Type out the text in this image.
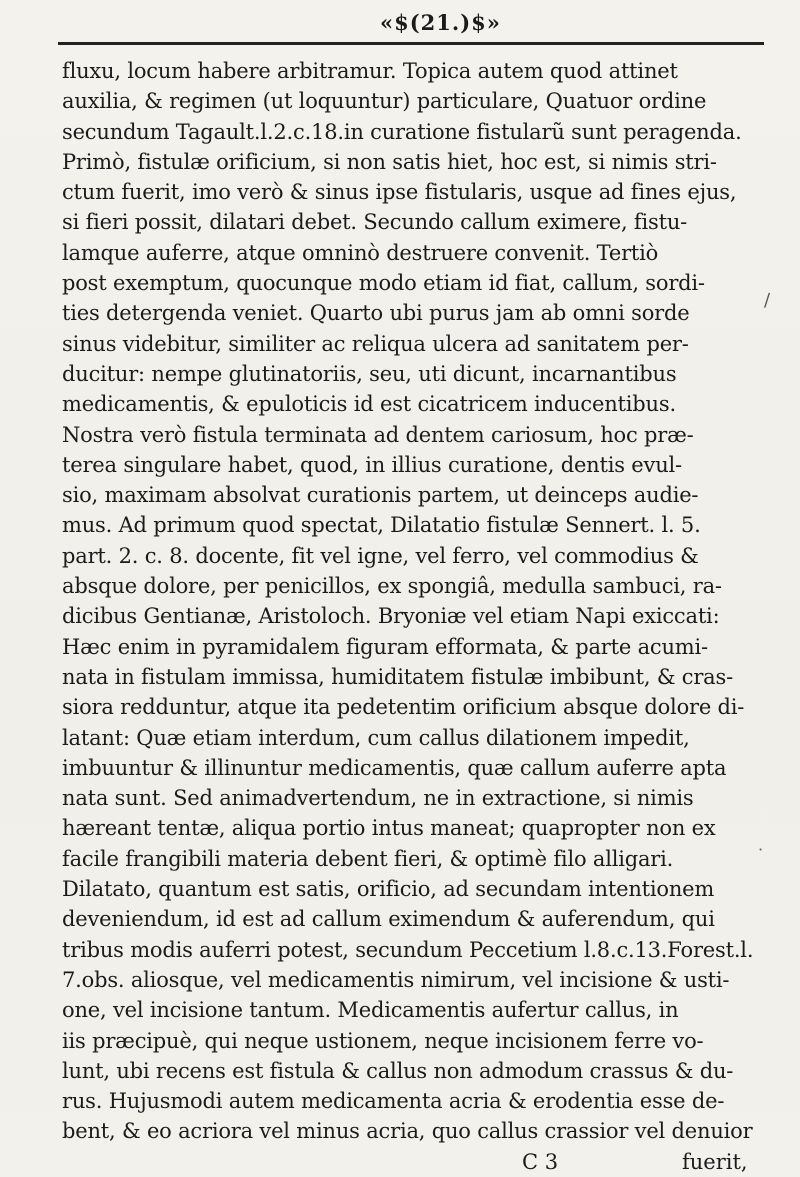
«$(21.)$»
fluxu, locum habere arbitramur. Topica autem quod attinet
auxilia, & regimen (ut loquuntur) particulare, Quatuor ordine
secundum Tagault.l.2.c.18.in curatione fistularũ sunt peragenda.
Primò, fistulæ orificium, si non satis hiet, hoc est, si nimis stri-
ctum fuerit, imo verò & sinus ipse fistularis, usque ad fines ejus,
si fieri possit, dilatari debet. Secundo callum eximere, fistu-
lamque auferre, atque omninò destruere convenit. Tertiò
post exemptum, quocunque modo etiam id fiat, callum, sordi-
ties detergenda veniet. Quarto ubi purus jam ab omni sorde
sinus videbitur, similiter ac reliqua ulcera ad sanitatem per-
ducitur: nempe glutinatoriis, seu, uti dicunt, incarnantibus
medicamentis, & epuloticis id est cicatricem inducentibus.
Nostra verò fistula terminata ad dentem cariosum, hoc præ-
terea singulare habet, quod, in illius curatione, dentis evul-
sio, maximam absolvat curationis partem, ut deinceps audie-
mus. Ad primum quod spectat, Dilatatio fistulæ Sennert. l. 5.
part. 2. c. 8. docente, fit vel igne, vel ferro, vel commodius &
absque dolore, per penicillos, ex spongiâ, medulla sambuci, ra-
dicibus Gentianæ, Aristoloch. Bryoniæ vel etiam Napi exiccati:
Hæc enim in pyramidalem figuram efformata, & parte acumi-
nata in fistulam immissa, humiditatem fistulæ imbibunt, & cras-
siora redduntur, atque ita pedetentim orificium absque dolore di-
latant: Quæ etiam interdum, cum callus dilationem impedit,
imbuuntur & illinuntur medicamentis, quæ callum auferre apta
nata sunt. Sed animadvertendum, ne in extractione, si nimis
hæreant tentæ, aliqua portio intus maneat; quapropter non ex
facile frangibili materia debent fieri, & optimè filo alligari.
Dilatato, quantum est satis, orificio, ad secundam intentionem
deveniendum, id est ad callum eximendum & auferendum, qui
tribus modis auferri potest, secundum Peccetium l.8.c.13.Forest.l.
7.obs. aliosque, vel medicamentis nimirum, vel incisione & usti-
one, vel incisione tantum. Medicamentis aufertur callus, in
iis præcipuè, qui neque ustionem, neque incisionem ferre vo-
lunt, ubi recens est fistula & callus non admodum crassus & du-
rus. Hujusmodi autem medicamenta acria & erodentia esse de-
bent, & eo acriora vel minus acria, quo callus crassior vel denuior
C 3	fuerit,
∕
·
